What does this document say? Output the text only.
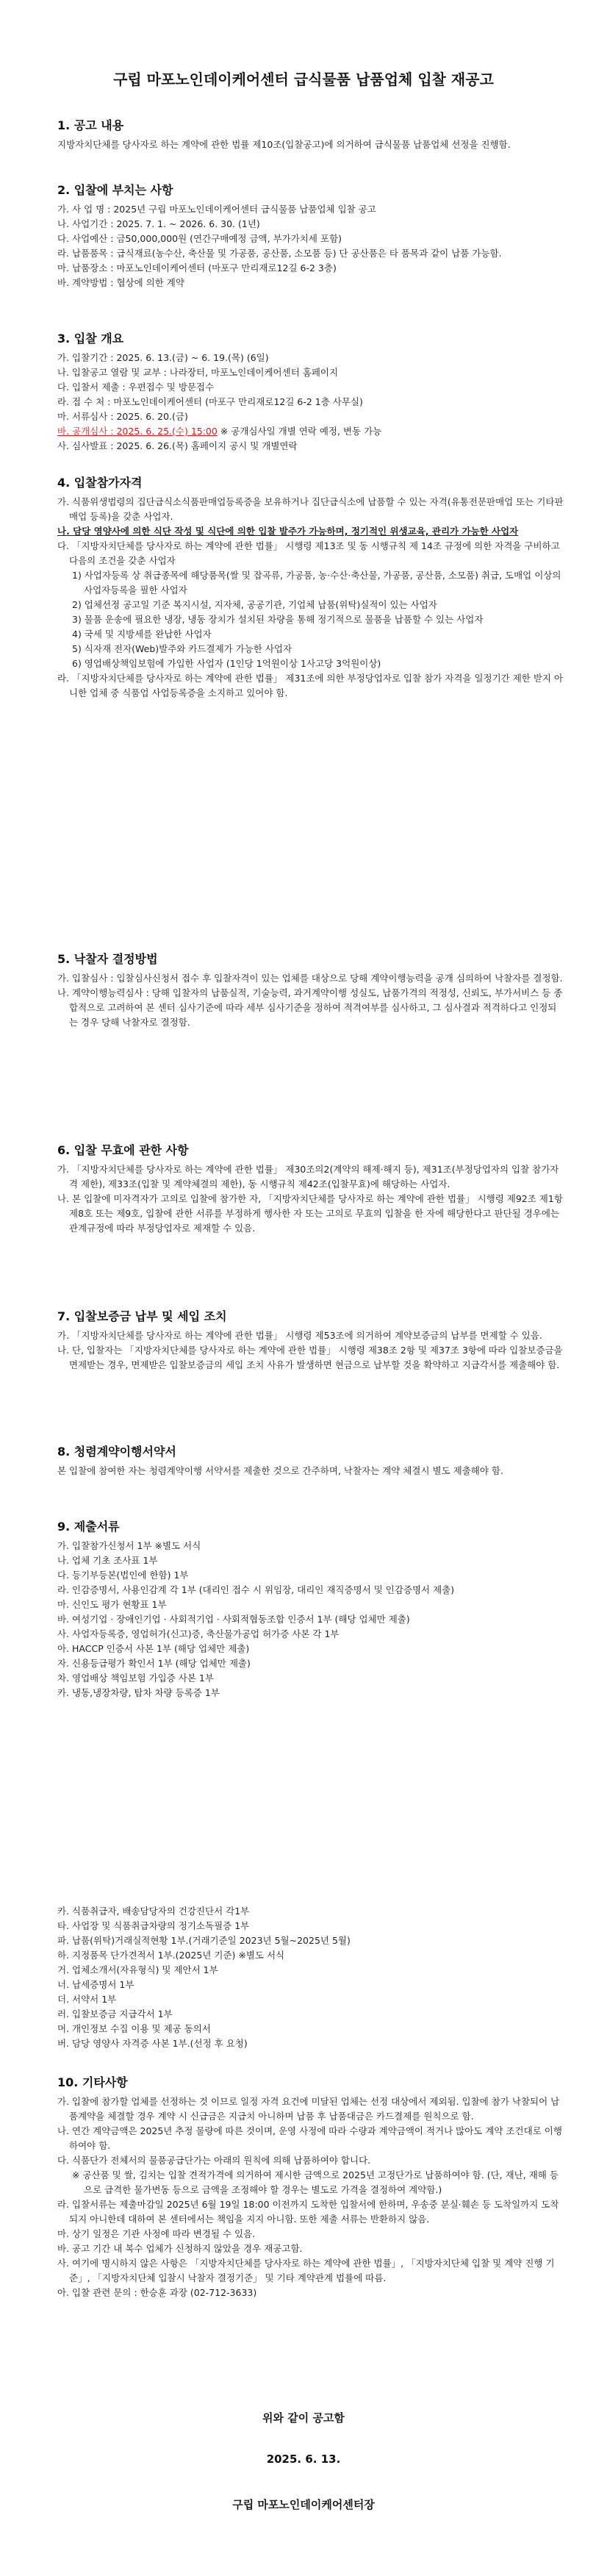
구립 마포노인데이케어센터 급식물품 납품업체 입찰 재공고
1. 공고 내용
지방자치단체를 당사자로 하는 계약에 관한 법률 제10조(입찰공고)에 의거하여 급식물품 납품업체 선정을 진행함.
2. 입찰에 부치는 사항
가. 사 업 명 : 2025년 구립 마포노인데이케어센터 급식물품 납품업체 입찰 공고
나. 사업기간 : 2025. 7. 1. ~ 2026. 6. 30. (1년)
다. 사업예산 : 금50,000,000원 (연간구매예정 금액, 부가가치세 포함)
라. 납품품목 : 급식재료(농수산, 축산물 및 가공품, 공산품, 소모품 등) 단 공산품은 타 품목과 같이 납품 가능함.
마. 납품장소 : 마포노인데이케어센터 (마포구 만리재로12길 6-2 3층)
바. 계약방법 : 협상에 의한 계약
3. 입찰 개요
가. 입찰기간 : 2025. 6. 13.(금) ~ 6. 19.(목) (6일)
나. 입찰공고 열람 및 교부 : 나라장터, 마포노인데이케어센터 홈페이지
다. 입찰서 제출 : 우편접수 및 방문접수
라. 접 수 처 : 마포노인데이케어센터 (마포구 만리재로12길 6-2 1층 사무실)
마. 서류심사 : 2025. 6. 20.(금)
바. 공개심사 : 2025. 6. 25.(수) 15:00 ※ 공개심사일 개별 연락 예정, 변동 가능
사. 심사발표 : 2025. 6. 26.(목) 홈페이지 공시 및 개별연락
4. 입찰참가자격
가. 식품위생법령의 집단급식소식품판매업등록증을 보유하거나 집단급식소에 납품할 수 있는 자격(유통전문판매업 또는 기타판매업 등록)을 갖춘 사업자.
나. 담당 영양사에 의한 식단 작성 및 식단에 의한 입찰 발주가 가능하며, 정기적인 위생교육, 관리가 가능한 사업자
다. 「지방자치단체를 당사자로 하는 계약에 관한 법률」 시행령 제13조 및 동 시행규칙 제 14조 규정에 의한 자격을 구비하고 다음의 조건을 갖춘 사업자
1) 사업자등록 상 취급종목에 해당품목(쌀 및 잡곡류, 가공품, 농·수산·축산물, 가공품, 공산품, 소모품) 취급, 도매업 이상의 사업자등록을 필한 사업자
2) 업체선정 공고일 기준 복지시설, 지자체, 공공기관, 기업체 납품(위탁)실적이 있는 사업자
3) 물품 운송에 필요한 냉장, 냉동 장치가 설치된 차량을 통해 정기적으로 물품을 납품할 수 있는 사업자
4) 국세 및 지방세를 완납한 사업자
5) 식자재 전자(Web)발주와 카드결제가 가능한 사업자
6) 영업배상책임보험에 가입한 사업자 (1인당 1억원이상 1사고당 3억원이상)
라. 「지방자치단체를 당사자로 하는 계약에 관한 법률」 제31조에 의한 부정당업자로 입찰 참가 자격을 일정기간 제한 받지 아니한 업체 중 식품업 사업등록증을 소지하고 있어야 함.
5. 낙찰자 결정방법
가. 입찰심사 : 입찰심사신청서 접수 후 입찰자격이 있는 업체를 대상으로 당해 계약이행능력을 공개 심의하여 낙찰자를 결정함.
나. 계약이행능력심사 : 당해 입찰자의 납품실적, 기술능력, 과거계약이행 성실도, 납품가격의 적정성, 신뢰도, 부가서비스 등 종합적으로 고려하여 본 센터 심사기준에 따라 세부 심사기준을 정하여 적격여부를 심사하고, 그 심사결과 적격하다고 인정되는 경우 당해 낙찰자로 결정함.
6. 입찰 무효에 관한 사항
가. 「지방자치단체를 당사자로 하는 계약에 관한 법률」 제30조의2(계약의 해제·해지 등), 제31조(부정당업자의 입찰 참가자격 제한), 제33조(입찰 및 계약체결의 제한), 동 시행규칙 제42조(입찰무효)에 해당하는 사업자.
나. 본 입찰에 미자격자가 고의로 입찰에 참가한 자, 「지방자치단체를 당사자로 하는 계약에 관한 법률」 시행령 제92조 제1항 제8호 또는 제9호, 입찰에 관한 서류를 부정하게 행사한 자 또는 고의로 무효의 입찰을 한 자에 해당한다고 판단될 경우에는 관계규정에 따라 부정당업자로 제재할 수 있음.
7. 입찰보증금 납부 및 세입 조치
가. 「지방자치단체를 당사자로 하는 계약에 관한 법률」 시행령 제53조에 의거하여 계약보증금의 납부를 면제할 수 있음.
나. 단, 입찰자는 「지방자치단체를 당사자로 하는 계약에 관한 법률」 시행령 제38조 2항 및 제37조 3항에 따라 입찰보증금을 면제받는 경우, 면제받은 입찰보증금의 세입 조치 사유가 발생하면 현금으로 납부할 것을 확약하고 지급각서를 제출해야 함.
8. 청렴계약이행서약서
본 입찰에 참여한 자는 청렴계약이행 서약서를 제출한 것으로 간주하며, 낙찰자는 계약 체결시 별도 제출해야 함.
9. 제출서류
가. 입찰참가신청서 1부 ※별도 서식
나. 업체 기초 조사표 1부
다. 등기부등본(법인에 한함) 1부
라. 인감증명서, 사용인감계 각 1부 (대리인 접수 시 위임장, 대리인 재직증명서 및 인감증명서 제출)
마. 신인도 평가 현황표 1부
바. 여성기업 · 장애인기업 · 사회적기업 · 사회적협동조합 인증서 1부 (해당 업체만 제출)
사. 사업자등록증, 영업허가(신고)증, 축산물가공업 허가증 사본 각 1부
아. HACCP 인증서 사본 1부 (해당 업체만 제출)
자. 신용등급평가 확인서 1부 (해당 업체만 제출)
차. 영업배상 책임보험 가입증 사본 1부
카. 냉동,냉장차량, 탑차 차량 등록증 1부
카. 식품취급자, 배송담당자의 건강진단서 각1부
타. 사업장 및 식품취급차량의 정기소독필증 1부
파. 납품(위탁)거래실적현황 1부.(거래기준일 2023년 5월~2025년 5월)
하. 지정품목 단가견적서 1부.(2025년 기준) ※별도 서식
거. 업체소개서(자유형식) 및 제안서 1부
너. 납세증명서 1부
더. 서약서 1부
러. 입찰보증금 지급각서 1부
머. 개인정보 수집 이용 및 제공 동의서
버. 담당 영양사 자격증 사본 1부.(선정 후 요청)
10. 기타사항
가. 입찰에 참가할 업체를 선정하는 것 이므로 일정 자격 요건에 미달된 업체는 선정 대상에서 제외됨. 입찰에 참가 낙찰되어 납품계약을 체결할 경우 계약 시 신급금은 지급치 아니하며 납품 후 납품대금은 카드결제를 원칙으로 함.
나. 연간 계약금액은 2025년 추정 물량에 따른 것이며, 운영 사정에 따라 수량과 계약금액이 적거나 많아도 계약 조건대로 이행하여야 함.
다. 식품단가 전체서의 물품공급단가는 아래의 원칙에 의해 납품하여야 합니다.
※ 공산품 및 쌀, 김치는 입찰 견적가격에 의거하여 제시한 금액으로 2025년 고정단가로 납품하여야 함. (단, 재난, 재해 등으로 급격한 물가변동 등으로 금액을 조정해야 할 경우는 별도로 가격을 결정하여 계약함.)
라. 입찰서류는 제출마감일 2025년 6월 19일 18:00 이전까지 도착한 입찰서에 한하며, 우송중 분실·훼손 등 도착일까지 도착되지 아니한데 대하여 본 센터에서는 책임을 지지 아니함. 또한 제출 서류는 반환하지 않음.
마. 상기 일정은 기관 사정에 따라 변경될 수 있음.
바. 공고 기간 내 복수 업체가 신청하지 않았을 경우 재공고함.
사. 여기에 명시하지 않은 사항은 「지방자치단체를 당사자로 하는 계약에 관한 법률」, 「지방자치단체 입찰 및 계약 진행 기준」, 「지방자치단체 입찰시 낙찰자 결정기준」 및 기타 계약관계 법률에 따름.
아. 입찰 관련 문의 : 한승훈 과장 (02-712-3633)
위와 같이 공고함
2025. 6. 13.
구립 마포노인데이케어센터장
